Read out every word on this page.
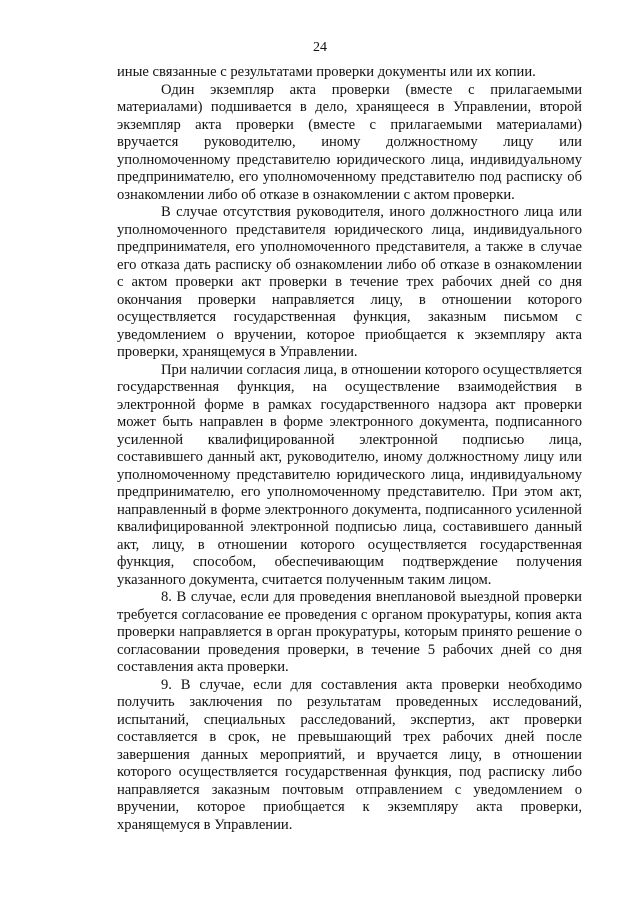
24

иные связанные с результатами проверки документы или их копии.

Один экземпляр акта проверки (вместе с прилагаемыми материалами) подшивается в дело, хранящееся в Управлении, второй экземпляр акта проверки (вместе с прилагаемыми материалами) вручается руководителю, иному должностному лицу или уполномоченному представителю юридического лица, индивидуальному предпринимателю, его уполномоченному представителю под расписку об ознакомлении либо об отказе в ознакомлении с актом проверки.

В случае отсутствия руководителя, иного должностного лица или уполномоченного представителя юридического лица, индивидуального предпринимателя, его уполномоченного представителя, а также в случае его отказа дать расписку об ознакомлении либо об отказе в ознакомлении с актом проверки акт проверки в течение трех рабочих дней со дня окончания проверки направляется лицу, в отношении которого осуществляется государственная функция, заказным письмом с уведомлением о вручении, которое приобщается к экземпляру акта проверки, хранящемуся в Управлении.

При наличии согласия лица, в отношении которого осуществляется государственная функция, на осуществление взаимодействия в электронной форме в рамках государственного надзора акт проверки может быть направлен в форме электронного документа, подписанного усиленной квалифицированной электронной подписью лица, составившего данный акт, руководителю, иному должностному лицу или уполномоченному представителю юридического лица, индивидуальному предпринимателю, его уполномоченному представителю. При этом акт, направленный в форме электронного документа, подписанного усиленной квалифицированной электронной подписью лица, составившего данный акт, лицу, в отношении которого осуществляется государственная функция, способом, обеспечивающим подтверждение получения указанного документа, считается полученным таким лицом.

8. В случае, если для проведения внеплановой выездной проверки требуется согласование ее проведения с органом прокуратуры, копия акта проверки направляется в орган прокуратуры, которым принято решение о согласовании проведения проверки, в течение 5 рабочих дней со дня составления акта проверки.

9. В случае, если для составления акта проверки необходимо получить заключения по результатам проведенных исследований, испытаний, специальных расследований, экспертиз, акт проверки составляется в срок, не превышающий трех рабочих дней после завершения данных мероприятий, и вручается лицу, в отношении которого осуществляется государственная функция, под расписку либо направляется заказным почтовым отправлением с уведомлением о вручении, которое приобщается к экземпляру акта проверки, хранящемуся в Управлении.
